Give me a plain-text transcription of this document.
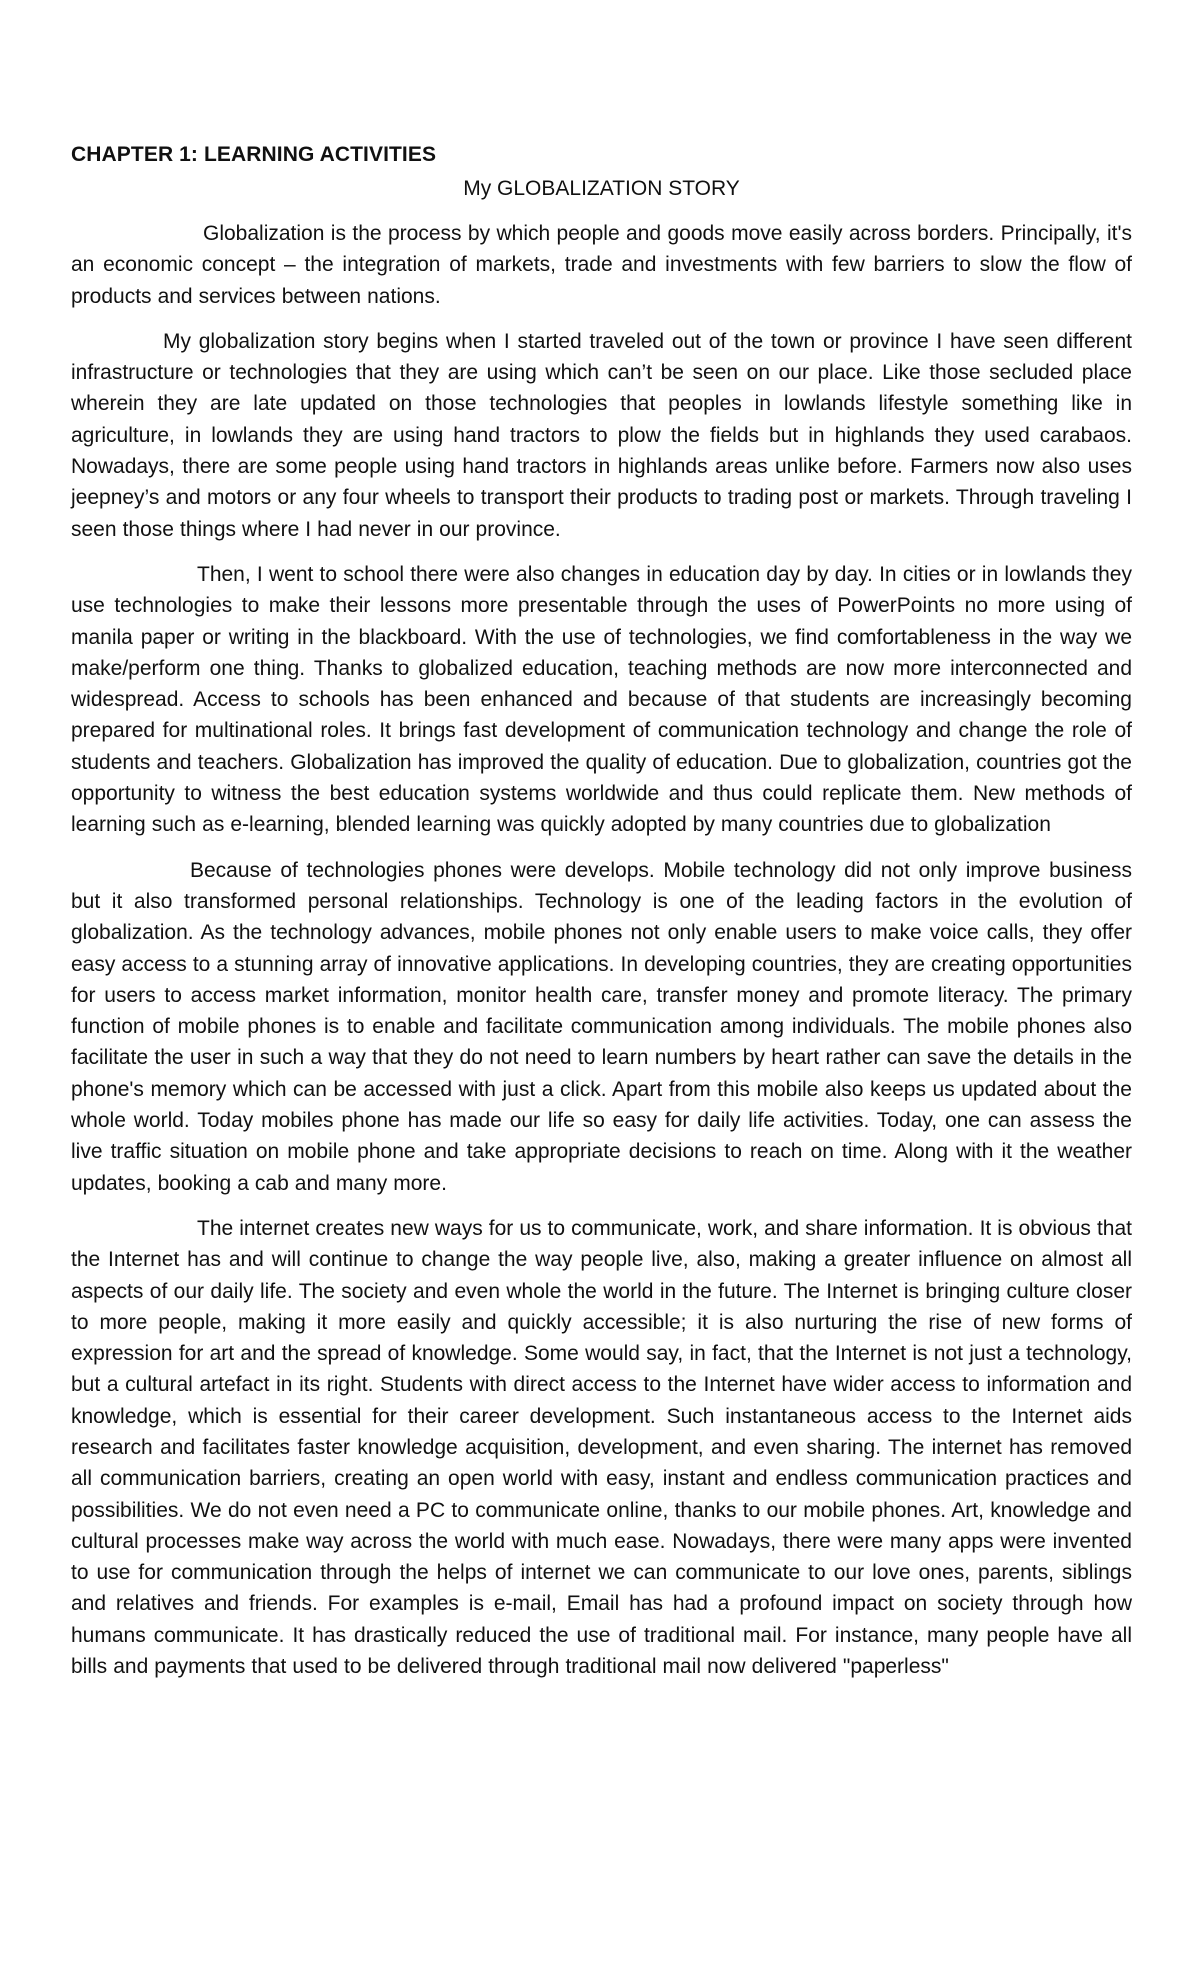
CHAPTER 1: LEARNING ACTIVITIES
My GLOBALIZATION STORY

Globalization is the process by which people and goods move easily across borders. Principally, it's an economic concept – the integration of markets, trade and investments with few barriers to slow the flow of products and services between nations.

My globalization story begins when I started traveled out of the town or province I have seen different infrastructure or technologies that they are using which can’t be seen on our place. Like those secluded place wherein they are late updated on those technologies that peoples in lowlands lifestyle something like in agriculture, in lowlands they are using hand tractors to plow the fields but in highlands they used carabaos. Nowadays, there are some people using hand tractors in highlands areas unlike before. Farmers now also uses jeepney’s and motors or any four wheels to transport their products to trading post or markets. Through traveling I seen those things where I had never in our province.

Then, I went to school there were also changes in education day by day. In cities or in lowlands they use technologies to make their lessons more presentable through the uses of PowerPoints no more using of manila paper or writing in the blackboard. With the use of technologies, we find comfortableness in the way we make/perform one thing. Thanks to globalized education, teaching methods are now more interconnected and widespread. Access to schools has been enhanced and because of that students are increasingly becoming prepared for multinational roles. It brings fast development of communication technology and change the role of students and teachers. Globalization has improved the quality of education. Due to globalization, countries got the opportunity to witness the best education systems worldwide and thus could replicate them. New methods of learning such as e-learning, blended learning was quickly adopted by many countries due to globalization

Because of technologies phones were develops. Mobile technology did not only improve business but it also transformed personal relationships. Technology is one of the leading factors in the evolution of globalization. As the technology advances, mobile phones not only enable users to make voice calls, they offer easy access to a stunning array of innovative applications. In developing countries, they are creating opportunities for users to access market information, monitor health care, transfer money and promote literacy. The primary function of mobile phones is to enable and facilitate communication among individuals. The mobile phones also facilitate the user in such a way that they do not need to learn numbers by heart rather can save the details in the phone's memory which can be accessed with just a click. Apart from this mobile also keeps us updated about the whole world. Today mobiles phone has made our life so easy for daily life activities. Today, one can assess the live traffic situation on mobile phone and take appropriate decisions to reach on time. Along with it the weather updates, booking a cab and many more.

The internet creates new ways for us to communicate, work, and share information. It is obvious that the Internet has and will continue to change the way people live, also, making a greater influence on almost all aspects of our daily life. The society and even whole the world in the future. The Internet is bringing culture closer to more people, making it more easily and quickly accessible; it is also nurturing the rise of new forms of expression for art and the spread of knowledge. Some would say, in fact, that the Internet is not just a technology, but a cultural artefact in its right. Students with direct access to the Internet have wider access to information and knowledge, which is essential for their career development. Such instantaneous access to the Internet aids research and facilitates faster knowledge acquisition, development, and even sharing. The internet has removed all communication barriers, creating an open world with easy, instant and endless communication practices and possibilities. We do not even need a PC to communicate online, thanks to our mobile phones. Art, knowledge and cultural processes make way across the world with much ease. Nowadays, there were many apps were invented to use for communication through the helps of internet we can communicate to our love ones, parents, siblings and relatives and friends. For examples is e-mail, Email has had a profound impact on society through how humans communicate. It has drastically reduced the use of traditional mail. For instance, many people have all bills and payments that used to be delivered through traditional mail now delivered "paperless"
